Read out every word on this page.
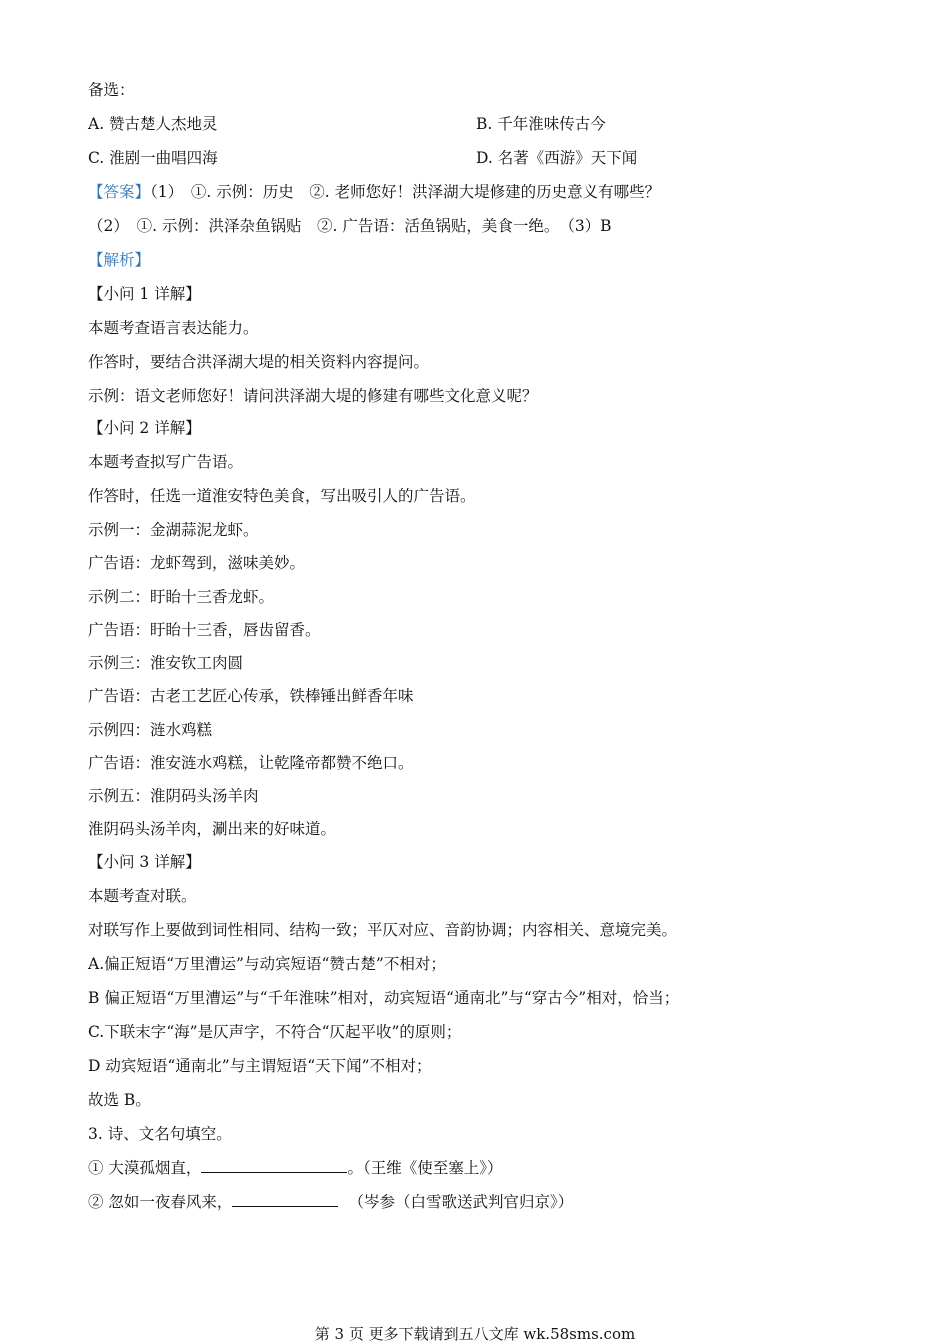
备选：
A. 赞古楚人杰地灵	B. 千年淮味传古今
C. 淮剧一曲唱四海	D. 名著《西游》天下闻
【答案】（1）　①. 示例：历史　②. 老师您好！洪泽湖大堤修建的历史意义有哪些？
（2）　①. 示例：洪泽杂鱼锅贴　②. 广告语：活鱼锅贴，美食一绝。　（3）B
【解析】
【小问 1 详解】
本题考查语言表达能力。
作答时，要结合洪泽湖大堤的相关资料内容提问。
示例：语文老师您好！请问洪泽湖大堤的修建有哪些文化意义呢？
【小问 2 详解】
本题考查拟写广告语。
作答时，任选一道淮安特色美食，写出吸引人的广告语。
示例一：金湖蒜泥龙虾。
广告语：龙虾驾到，滋味美妙。
示例二：盱眙十三香龙虾。
广告语：盱眙十三香，唇齿留香。
示例三：淮安钦工肉圆
广告语：古老工艺匠心传承，铁棒锤出鲜香年味
示例四：涟水鸡糕
广告语：淮安涟水鸡糕，让乾隆帝都赞不绝口。
示例五：淮阴码头汤羊肉
淮阴码头汤羊肉，涮出来的好味道。
【小问 3 详解】
本题考查对联。
对联写作上要做到词性相同、结构一致；平仄对应、音韵协调；内容相关、意境完美。
A.偏正短语“万里漕运”与动宾短语“赞古楚”不相对；
B 偏正短语“万里漕运”与“千年淮味”相对，动宾短语“通南北”与“穿古今”相对，恰当；
C.下联末字“海”是仄声字，不符合“仄起平收”的原则；
D 动宾短语“通南北”与主谓短语“天下闻”不相对；
故选 B。
3. 诗、文名句填空。
① 大漠孤烟直，	。（王维《使至塞上》）
② 忽如一夜春风来，	（岑参（白雪歌送武判官归京》）
第 3 页 更多下载请到五八文库 wk.58sms.com
